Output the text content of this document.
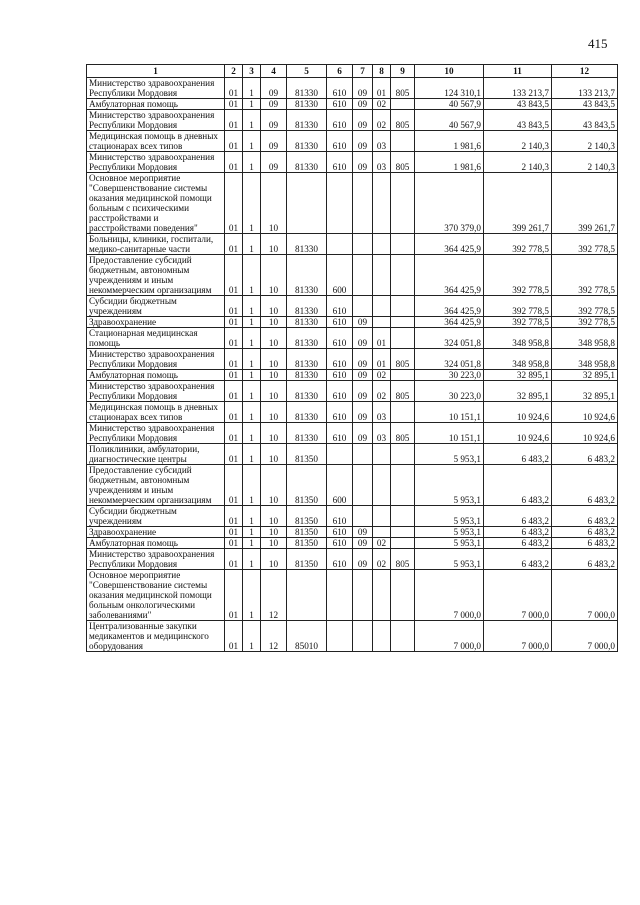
415
1	2	3	4	5	6	7	8	9	10	11	12
Министерство здравоохранения Республики Мордовия	01	1	09	81330	610	09	01	805	124 310,1	133 213,7	133 213,7
Амбулаторная помощь	01	1	09	81330	610	09	02		40 567,9	43 843,5	43 843,5
Министерство здравоохранения Республики Мордовия	01	1	09	81330	610	09	02	805	40 567,9	43 843,5	43 843,5
Медицинская помощь в дневных стационарах всех типов	01	1	09	81330	610	09	03		1 981,6	2 140,3	2 140,3
Министерство здравоохранения Республики Мордовия	01	1	09	81330	610	09	03	805	1 981,6	2 140,3	2 140,3
Основное мероприятие "Совершенствование системы оказания медицинской помощи больным с психическими расстройствами и расстройствами поведения"	01	1	10						370 379,0	399 261,7	399 261,7
Больницы, клиники, госпитали, медико-санитарные части	01	1	10	81330					364 425,9	392 778,5	392 778,5
Предоставление субсидий бюджетным, автономным учреждениям и иным некоммерческим организациям	01	1	10	81330	600				364 425,9	392 778,5	392 778,5
Субсидии бюджетным учреждениям	01	1	10	81330	610				364 425,9	392 778,5	392 778,5
Здравоохранение	01	1	10	81330	610	09			364 425,9	392 778,5	392 778,5
Стационарная медицинская помощь	01	1	10	81330	610	09	01		324 051,8	348 958,8	348 958,8
Министерство здравоохранения Республики Мордовия	01	1	10	81330	610	09	01	805	324 051,8	348 958,8	348 958,8
Амбулаторная помощь	01	1	10	81330	610	09	02		30 223,0	32 895,1	32 895,1
Министерство здравоохранения Республики Мордовия	01	1	10	81330	610	09	02	805	30 223,0	32 895,1	32 895,1
Медицинская помощь в дневных стационарах всех типов	01	1	10	81330	610	09	03		10 151,1	10 924,6	10 924,6
Министерство здравоохранения Республики Мордовия	01	1	10	81330	610	09	03	805	10 151,1	10 924,6	10 924,6
Поликлиники, амбулатории, диагностические центры	01	1	10	81350					5 953,1	6 483,2	6 483,2
Предоставление субсидий бюджетным, автономным учреждениям и иным некоммерческим организациям	01	1	10	81350	600				5 953,1	6 483,2	6 483,2
Субсидии бюджетным учреждениям	01	1	10	81350	610				5 953,1	6 483,2	6 483,2
Здравоохранение	01	1	10	81350	610	09			5 953,1	6 483,2	6 483,2
Амбулаторная помощь	01	1	10	81350	610	09	02		5 953,1	6 483,2	6 483,2
Министерство здравоохранения Республики Мордовия	01	1	10	81350	610	09	02	805	5 953,1	6 483,2	6 483,2
Основное мероприятие "Совершенствование системы оказания медицинской помощи больным онкологическими заболеваниями"	01	1	12						7 000,0	7 000,0	7 000,0
Централизованные закупки медикаментов и медицинского оборудования	01	1	12	85010					7 000,0	7 000,0	7 000,0
